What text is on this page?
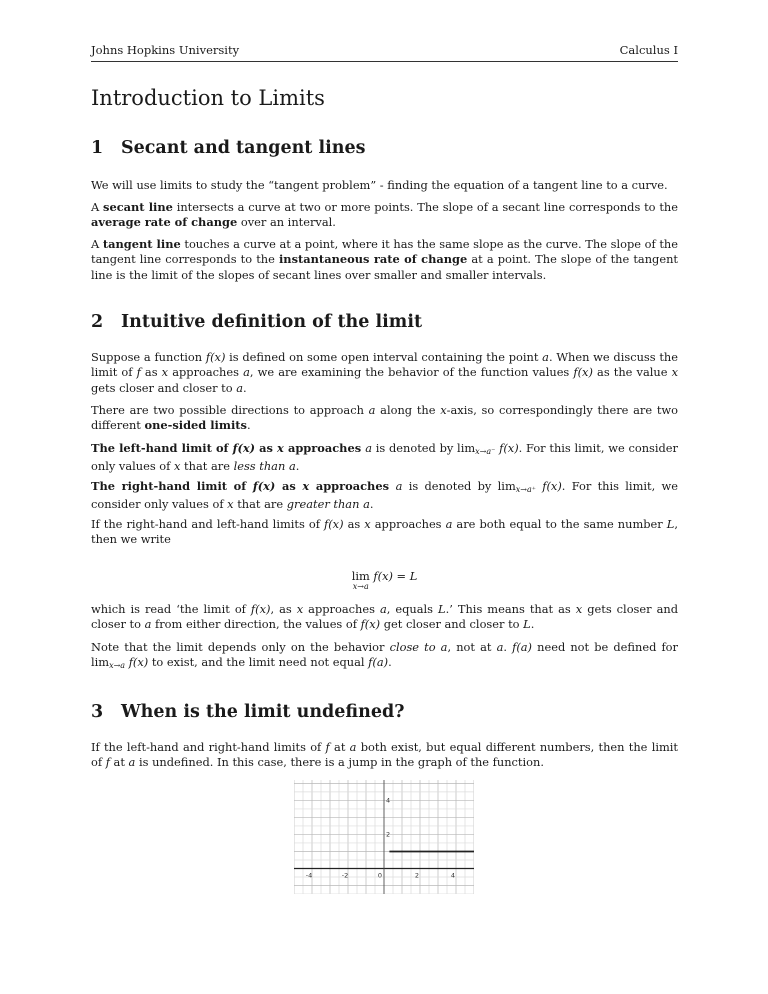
Johns Hopkins University	Calculus I
Introduction to Limits
1 Secant and tangent lines

We will use limits to study the “tangent problem” - finding the equation of a tangent line to a curve.

A secant line intersects a curve at two or more points. The slope of a secant line corresponds to the average rate of change over an interval.

A tangent line touches a curve at a point, where it has the same slope as the curve. The slope of the tangent line corresponds to the instantaneous rate of change at a point. The slope of the tangent line is the limit of the slopes of secant lines over smaller and smaller intervals.

2 Intuitive definition of the limit

Suppose a function f(x) is defined on some open interval containing the point a. When we discuss the limit of f as x approaches a, we are examining the behavior of the function values f(x) as the value x gets closer and closer to a.

There are two possible directions to approach a along the x-axis, so correspondingly there are two different one-sided limits.

The left-hand limit of f(x) as x approaches a is denoted by $\lim_{x\to a^-} f(x)$. For this limit, we consider only values of x that are less than a.

The right-hand limit of f(x) as x approaches a is denoted by $\lim_{x\to a^+} f(x)$. For this limit, we consider only values of x that are greater than a.

If the right-hand and left-hand limits of f(x) as x approaches a are both equal to the same number L, then we write

lim
x→a
f(x) = L

which is read ‘the limit of f(x), as x approaches a, equals L.’ This means that as x gets closer and closer to a from either direction, the values of f(x) get closer and closer to L.

Note that the limit depends only on the behavior close to a, not at a. f(a) need not be defined for $\lim_{x\to a} f(x)$ to exist, and the limit need not equal f(a).

3 When is the limit undefined?

If the left-hand and right-hand limits of f at a both exist, but equal different numbers, then the limit of f at a is undefined. In this case, there is a jump in the graph of the function.

-4	-2	0	2	4
2
4
